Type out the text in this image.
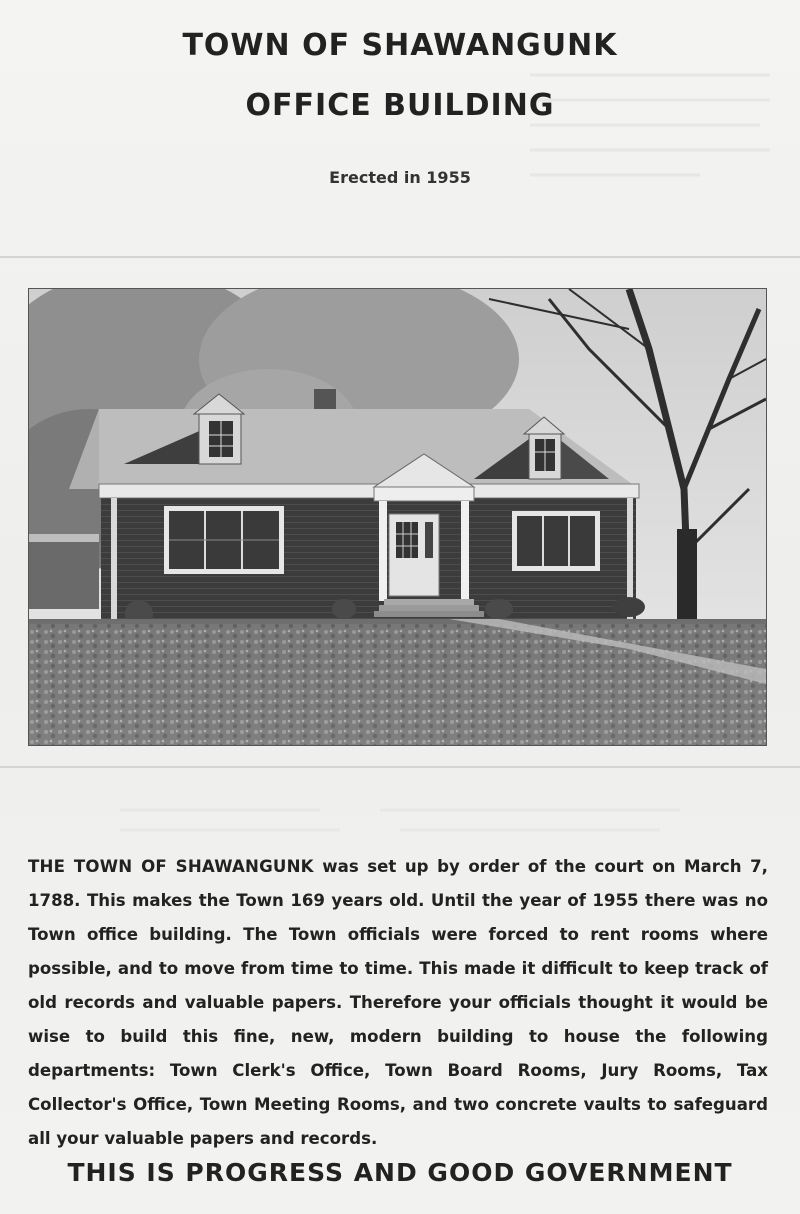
TOWN OF SHAWANGUNK
OFFICE BUILDING
Erected in 1955
THE TOWN OF SHAWANGUNK was set up by order of the court on March 7, 1788. This makes the Town 169 years old. Until the year of 1955 there was no Town office building. The Town officials were forced to rent rooms where possible, and to move from time to time. This made it difficult to keep track of old records and valuable papers. Therefore your officials thought it would be wise to build this fine, new, modern building to house the following departments: Town Clerk's Office, Town Board Rooms, Jury Rooms, Tax Collector's Office, Town Meeting Rooms, and two concrete vaults to safeguard all your valuable papers and records.
THIS IS PROGRESS AND GOOD GOVERNMENT
